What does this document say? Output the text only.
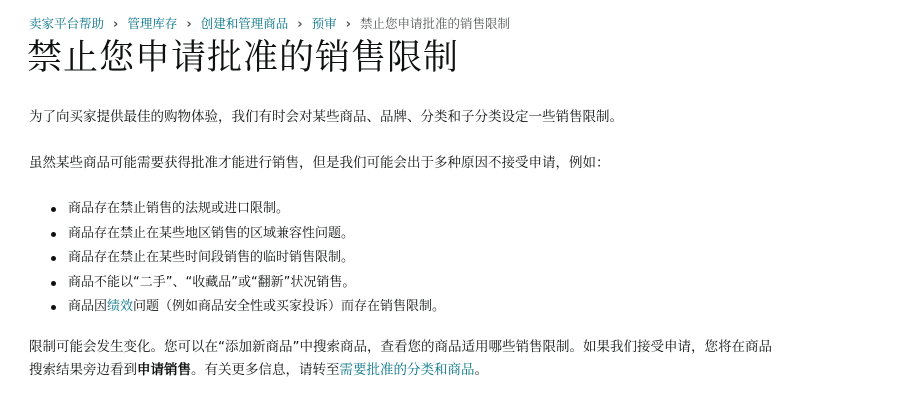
卖家平台帮助 › 管理库存 › 创建和管理商品 › 预审 › 禁止您申请批准的销售限制
禁止您申请批准的销售限制

为了向买家提供最佳的购物体验，我们有时会对某些商品、品牌、分类和子分类设定一些销售限制。

虽然某些商品可能需要获得批准才能进行销售，但是我们可能会出于多种原因不接受申请，例如：

商品存在禁止销售的法规或进口限制。
商品存在禁止在某些地区销售的区域兼容性问题。
商品存在禁止在某些时间段销售的临时销售限制。
商品不能以“二手”、“收藏品”或“翻新”状况销售。
商品因绩效问题（例如商品安全性或买家投诉）而存在销售限制。

限制可能会发生变化。您可以在“添加新商品”中搜索商品，查看您的商品适用哪些销售限制。如果我们接受申请，您将在商品
搜索结果旁边看到申请销售。有关更多信息，请转至需要批准的分类和商品。
